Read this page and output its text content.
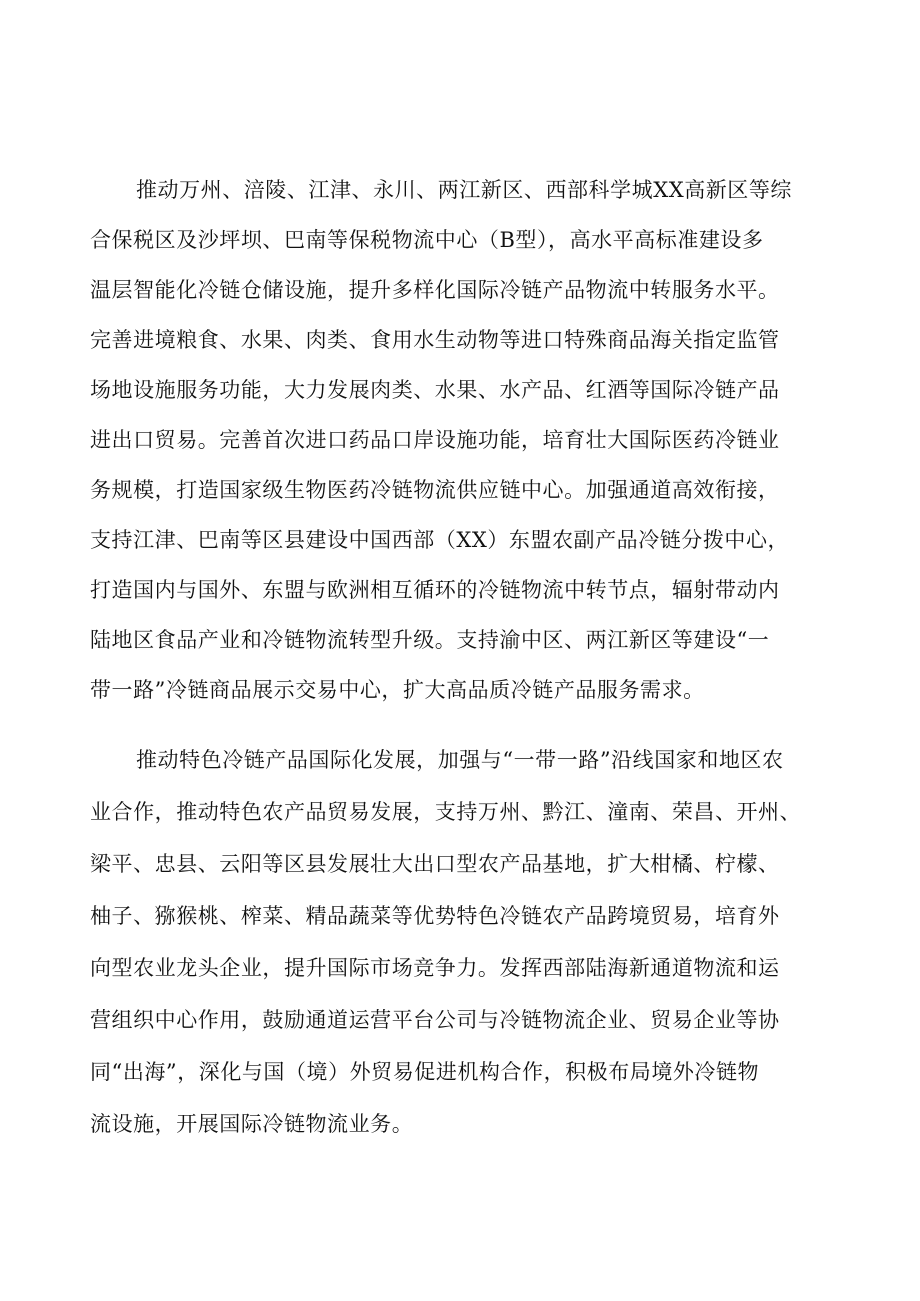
推动万州、涪陵、江津、永川、两江新区、西部科学城XX高新区等综

合保税区及沙坪坝、巴南等保税物流中心（B型），高水平高标准建设多

温层智能化冷链仓储设施，提升多样化国际冷链产品物流中转服务水平。

完善进境粮食、水果、肉类、食用水生动物等进口特殊商品海关指定监管

场地设施服务功能，大力发展肉类、水果、水产品、红酒等国际冷链产品

进出口贸易。完善首次进口药品口岸设施功能，培育壮大国际医药冷链业

务规模，打造国家级生物医药冷链物流供应链中心。加强通道高效衔接，

支持江津、巴南等区县建设中国西部（XX）东盟农副产品冷链分拨中心，

打造国内与国外、东盟与欧洲相互循环的冷链物流中转节点，辐射带动内

陆地区食品产业和冷链物流转型升级。支持渝中区、两江新区等建设“一

带一路”冷链商品展示交易中心，扩大高品质冷链产品服务需求。

推动特色冷链产品国际化发展，加强与“一带一路”沿线国家和地区农

业合作，推动特色农产品贸易发展，支持万州、黔江、潼南、荣昌、开州、

梁平、忠县、云阳等区县发展壮大出口型农产品基地，扩大柑橘、柠檬、

柚子、猕猴桃、榨菜、精品蔬菜等优势特色冷链农产品跨境贸易，培育外

向型农业龙头企业，提升国际市场竞争力。发挥西部陆海新通道物流和运

营组织中心作用，鼓励通道运营平台公司与冷链物流企业、贸易企业等协

同“出海”，深化与国（境）外贸易促进机构合作，积极布局境外冷链物

流设施，开展国际冷链物流业务。
